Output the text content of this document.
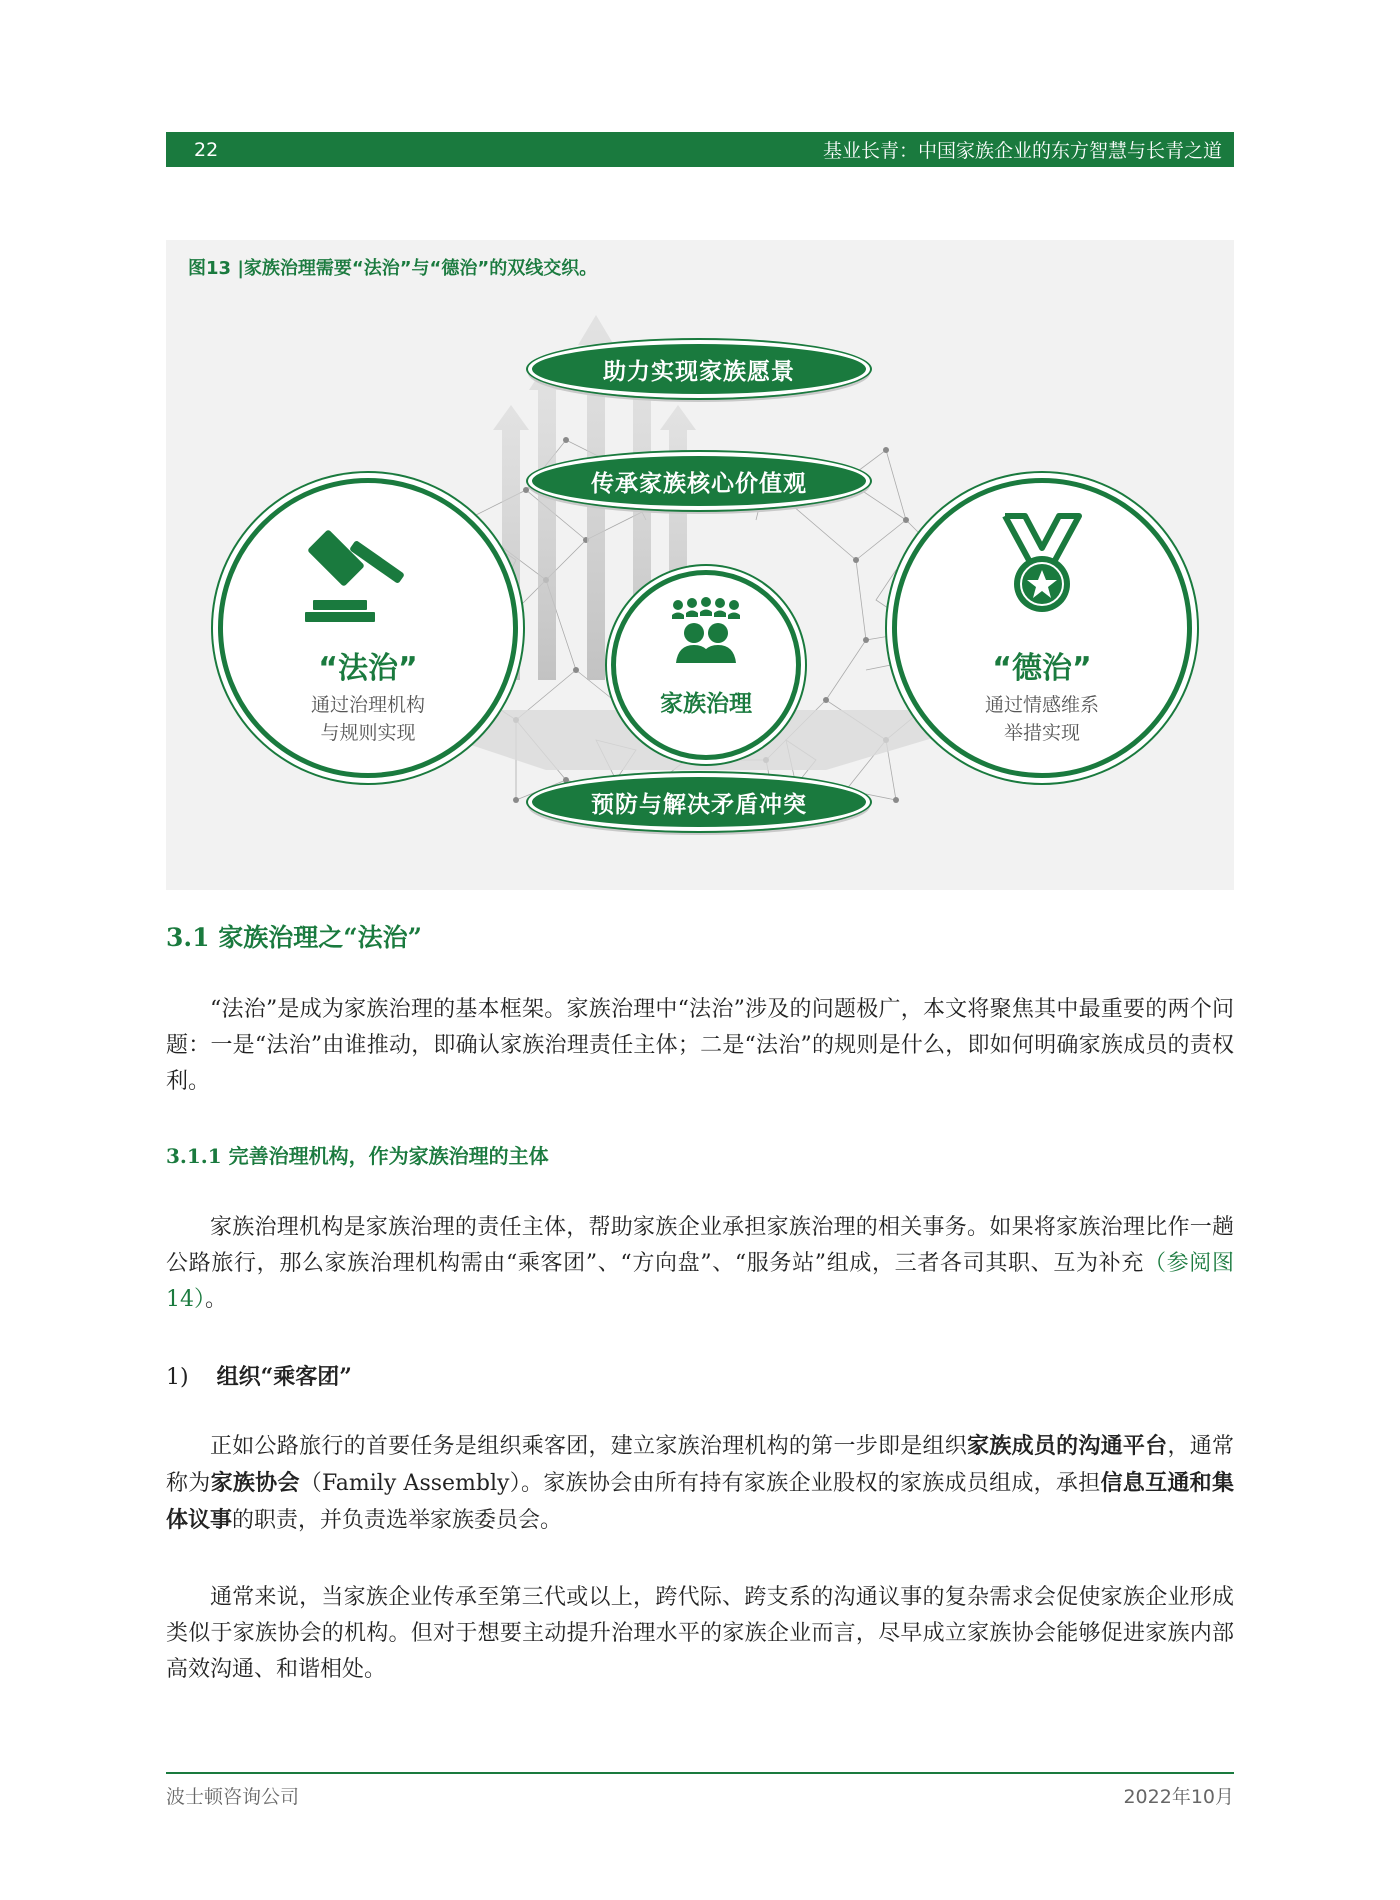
22	基业长青：中国家族企业的东方智慧与长青之道
图13 |家族治理需要“法治”与“德治”的双线交织。
助力实现家族愿景
传承家族核心价值观
预防与解决矛盾冲突
家族治理
“法治”
通过治理机构
与规则实现
“德治”
通过情感维系
举措实现
3.1 家族治理之“法治”

“法治”是成为家族治理的基本框架。家族治理中“法治”涉及的问题极广，本文将聚焦其中最重要的两个问题：一是“法治”由谁推动，即确认家族治理责任主体；二是“法治”的规则是什么，即如何明确家族成员的责权利。

3.1.1 完善治理机构，作为家族治理的主体

家族治理机构是家族治理的责任主体，帮助家族企业承担家族治理的相关事务。如果将家族治理比作一趟公路旅行，那么家族治理机构需由“乘客团”、“方向盘”、“服务站”组成，三者各司其职、互为补充（参阅图14）。

1) 组织“乘客团”

正如公路旅行的首要任务是组织乘客团，建立家族治理机构的第一步即是组织家族成员的沟通平台，通常称为家族协会（Family Assembly）。家族协会由所有持有家族企业股权的家族成员组成，承担信息互通和集体议事的职责，并负责选举家族委员会。

通常来说，当家族企业传承至第三代或以上，跨代际、跨支系的沟通议事的复杂需求会促使家族企业形成类似于家族协会的机构。但对于想要主动提升治理水平的家族企业而言，尽早成立家族协会能够促进家族内部高效沟通、和谐相处。

波士顿咨询公司	2022年10月
